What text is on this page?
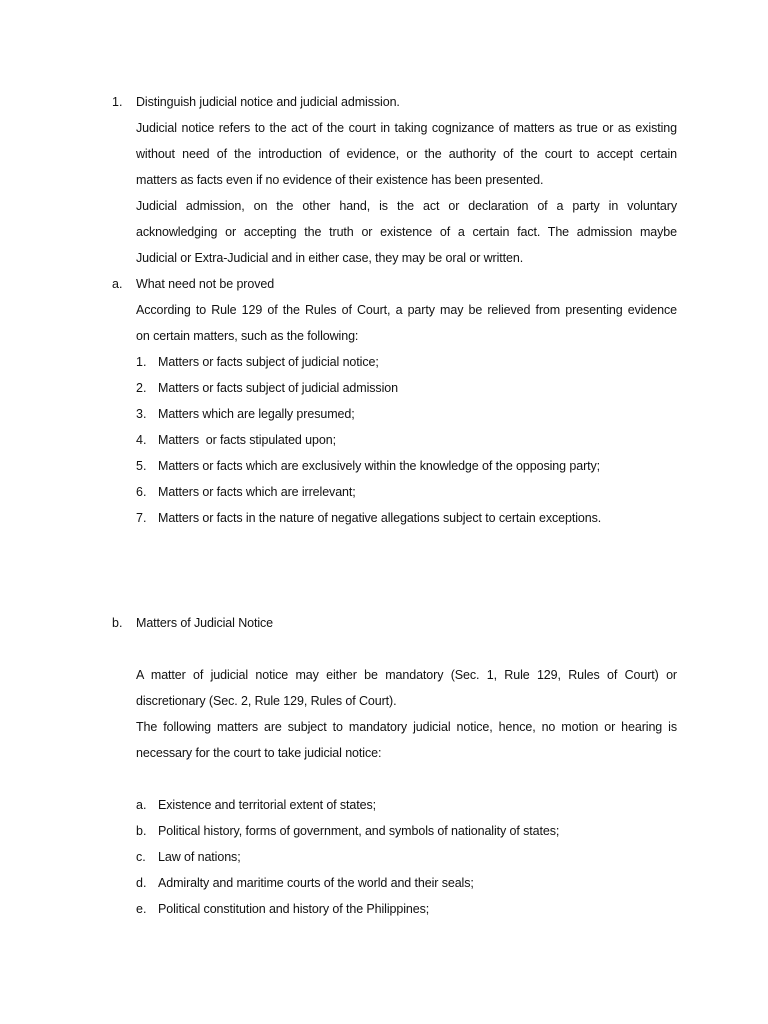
1.	Distinguish judicial notice and judicial admission.
Judicial notice refers to the act of the court in taking cognizance of matters as true or as existing
without need of the introduction of evidence, or the authority of the court to accept certain
matters as facts even if no evidence of their existence has been presented.
Judicial admission, on the other hand, is the act or declaration of a party in voluntary
acknowledging or accepting the truth or existence of a certain fact. The admission maybe
Judicial or Extra-Judicial and in either case, they may be oral or written.
a.	What need not be proved
According to Rule 129 of the Rules of Court, a party may be relieved from presenting evidence
on certain matters, such as the following:
1. Matters or facts subject of judicial notice;
2. Matters or facts subject of judicial admission
3. Matters which are legally presumed;
4. Matters  or facts stipulated upon;
5. Matters or facts which are exclusively within the knowledge of the opposing party;
6. Matters or facts which are irrelevant;
7. Matters or facts in the nature of negative allegations subject to certain exceptions.
b.	Matters of Judicial Notice
A matter of judicial notice may either be mandatory (Sec. 1, Rule 129, Rules of Court) or
discretionary (Sec. 2, Rule 129, Rules of Court).
The following matters are subject to mandatory judicial notice, hence, no motion or hearing is
necessary for the court to take judicial notice:
a. Existence and territorial extent of states;
b. Political history, forms of government, and symbols of nationality of states;
c. Law of nations;
d. Admiralty and maritime courts of the world and their seals;
e. Political constitution and history of the Philippines;
